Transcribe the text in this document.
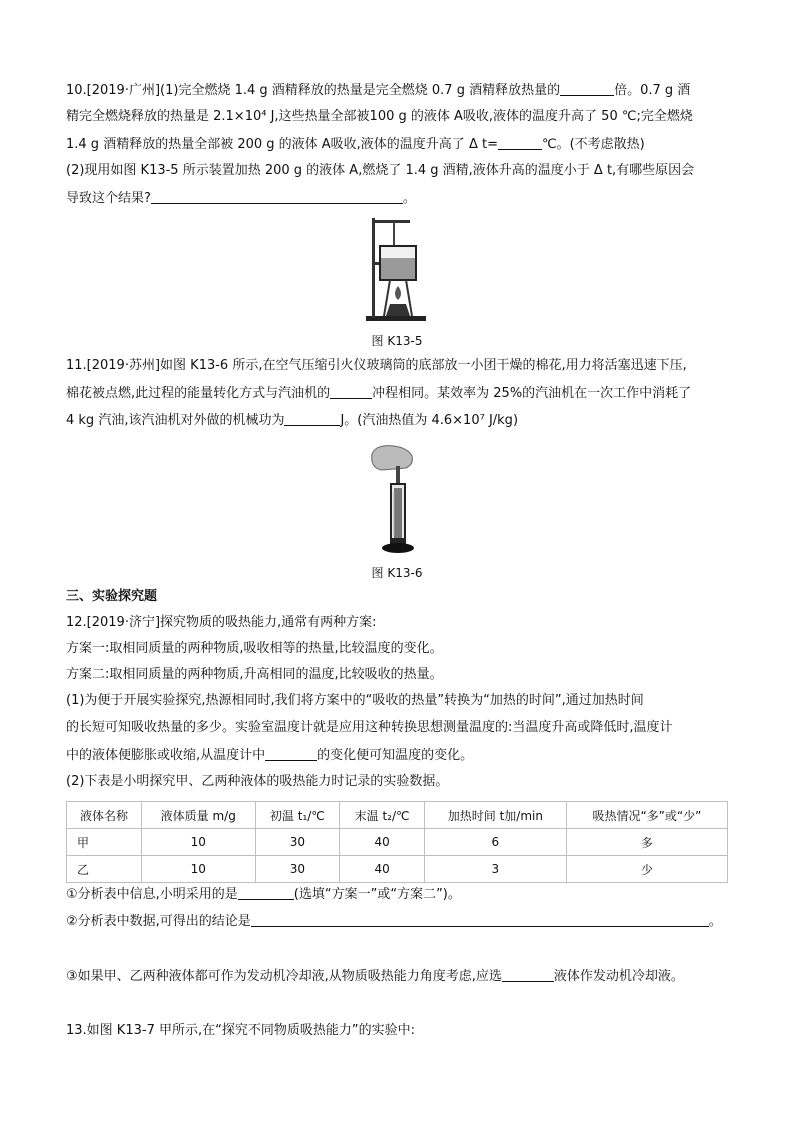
10.[2019·广州](1)完全燃烧 1.4 g 酒精释放的热量是完全燃烧 0.7 g 酒精释放热量的	倍。0.7 g 酒
精完全燃烧释放的热量是 2.1×10⁴ J,这些热量全部被100 g 的液体 A吸收,液体的温度升高了 50 ℃;完全燃烧
1.4 g 酒精释放的热量全部被 200 g 的液体 A吸收,液体的温度升高了 Δ t=	℃。(不考虑散热)
(2)现用如图 K13-5 所示装置加热 200 g 的液体 A,燃烧了 1.4 g 酒精,液体升高的温度小于 Δ t,有哪些原因会
导致这个结果?	。
图 K13-5
11.[2019·苏州]如图 K13-6 所示,在空气压缩引火仪玻璃筒的底部放一小团干燥的棉花,用力将活塞迅速下压,
棉花被点燃,此过程的能量转化方式与汽油机的	冲程相同。某效率为 25%的汽油机在一次工作中消耗了
4 kg 汽油,该汽油机对外做的机械功为	J。(汽油热值为 4.6×10⁷ J/kg)
图 K13-6
三、实验探究题
12.[2019·济宁]探究物质的吸热能力,通常有两种方案:
方案一:取相同质量的两种物质,吸收相等的热量,比较温度的变化。
方案二:取相同质量的两种物质,升高相同的温度,比较吸收的热量。
(1)为便于开展实验探究,热源相同时,我们将方案中的“吸收的热量”转换为“加热的时间”,通过加热时间
的长短可知吸收热量的多少。实验室温度计就是应用这种转换思想测量温度的:当温度升高或降低时,温度计
中的液体便膨胀或收缩,从温度计中	的变化便可知温度的变化。
(2)下表是小明探究甲、乙两种液体的吸热能力时记录的实验数据。
液体名称	液体质量 m/g	初温 t₁/℃	末温 t₂/℃	加热时间 t加/min	吸热情况“多”或“少”
甲	10	30	40	6	多
乙	10	30	40	3	少
①分析表中信息,小明采用的是	(选填“方案一”或“方案二”)。
②分析表中数据,可得出的结论是	。
③如果甲、乙两种液体都可作为发动机冷却液,从物质吸热能力角度考虑,应选	液体作发动机冷却液。
13.如图 K13-7 甲所示,在“探究不同物质吸热能力”的实验中:
